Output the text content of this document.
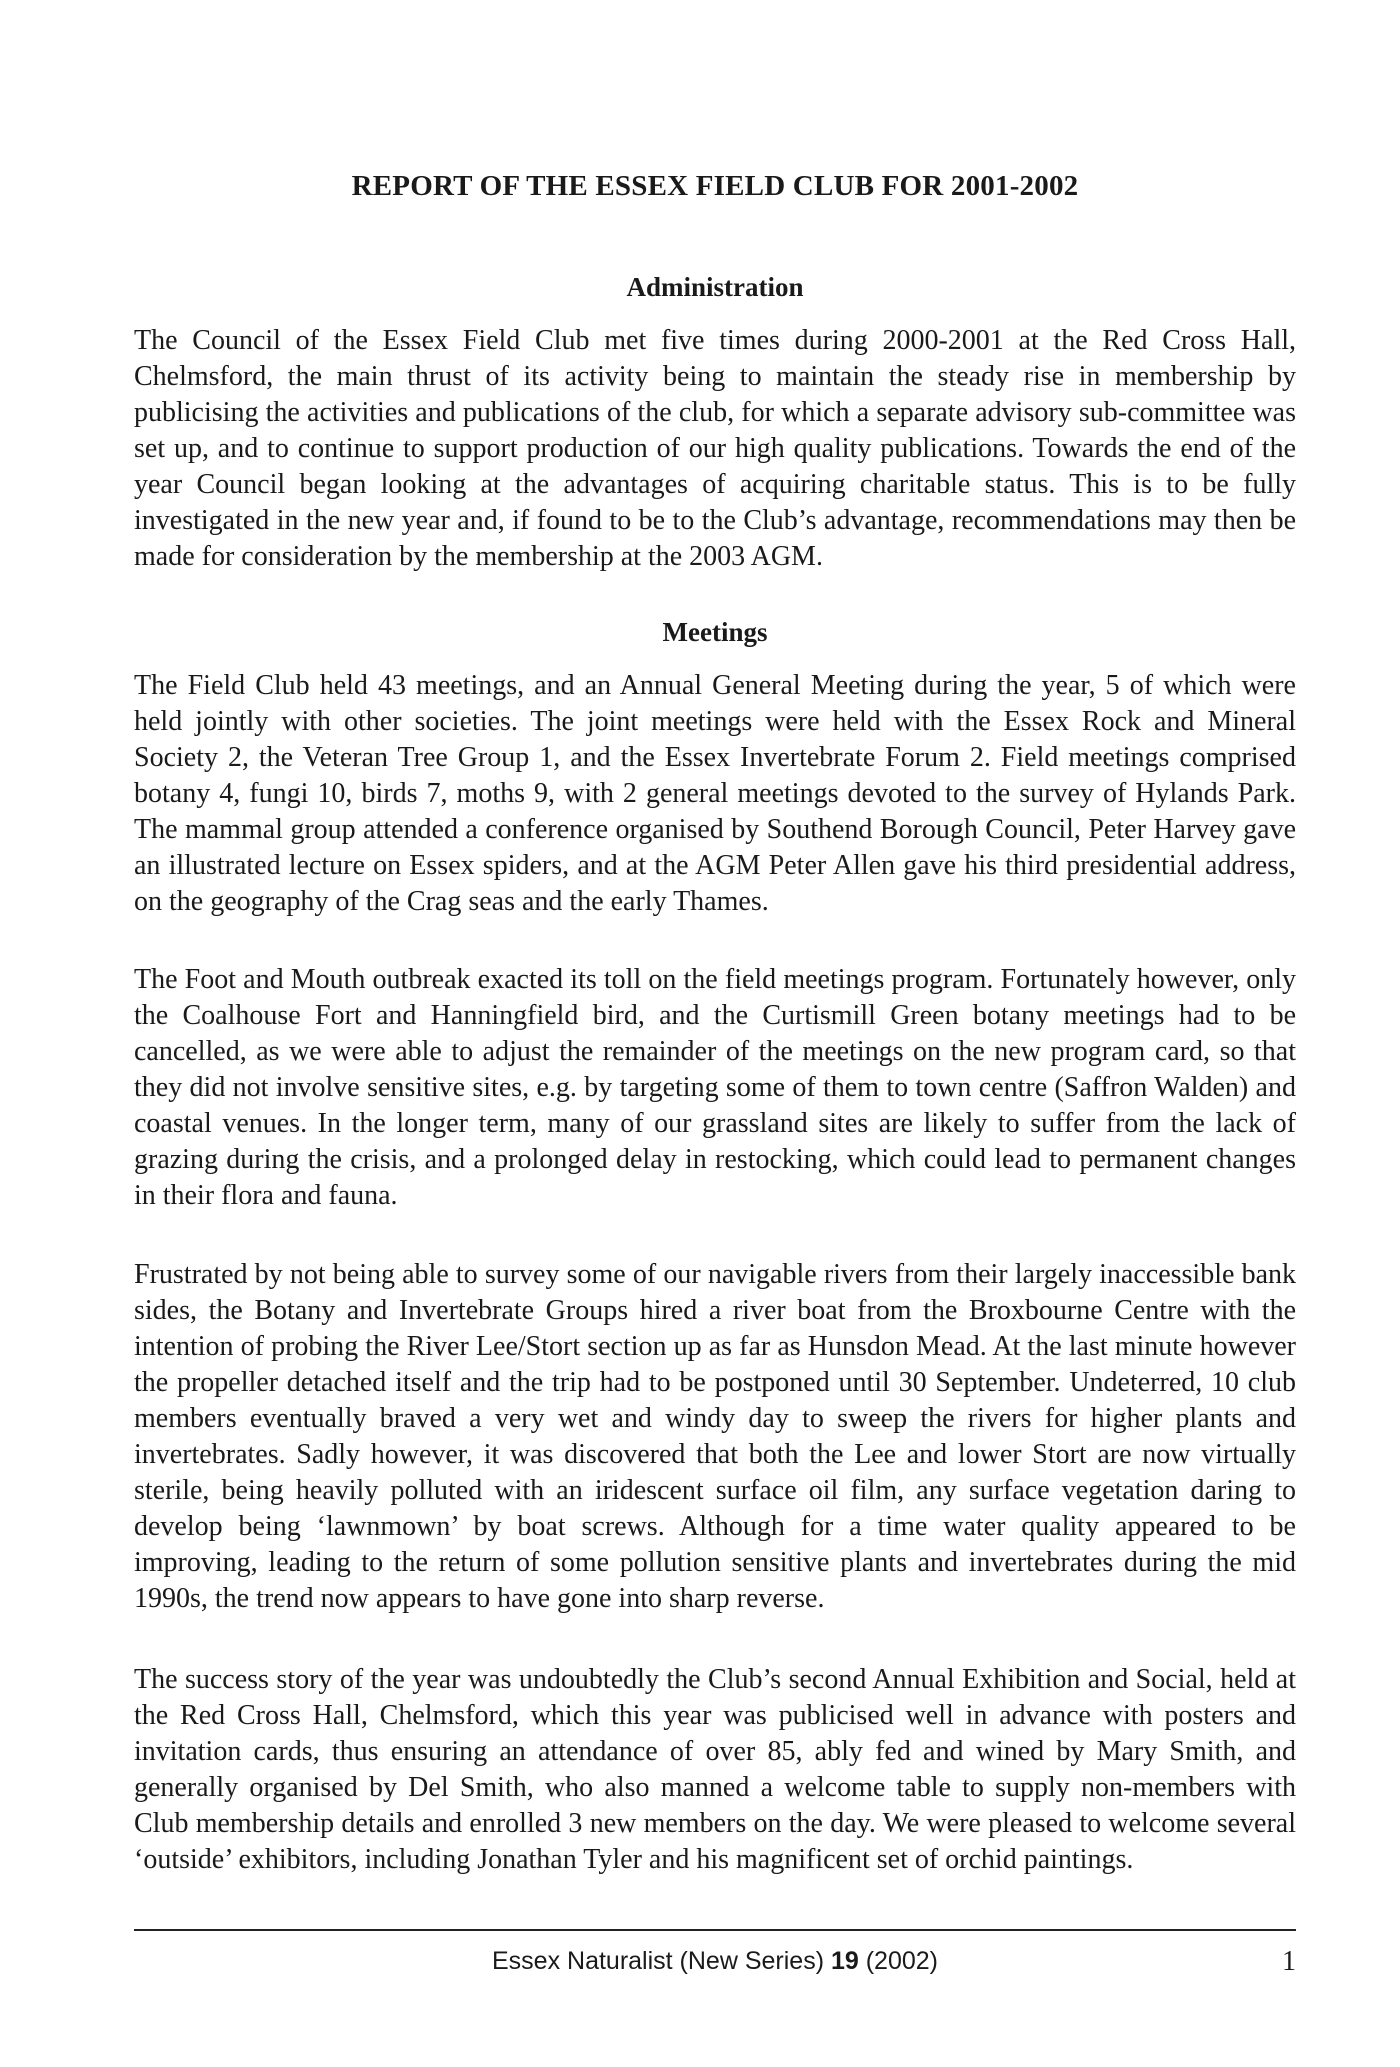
REPORT OF THE ESSEX FIELD CLUB FOR 2001-2002
Administration

The Council of the Essex Field Club met five times during 2000-2001 at the Red Cross Hall, Chelmsford, the main thrust of its activity being to maintain the steady rise in membership by publicising the activities and publications of the club, for which a separate advisory sub-committee was set up, and to continue to support production of our high quality publications. Towards the end of the year Council began looking at the advantages of acquiring charitable status. This is to be fully investigated in the new year and, if found to be to the Club’s advantage, recommendations may then be made for consideration by the membership at the 2003 AGM.

Meetings

The Field Club held 43 meetings, and an Annual General Meeting during the year, 5 of which were held jointly with other societies. The joint meetings were held with the Essex Rock and Mineral Society 2, the Veteran Tree Group 1, and the Essex Invertebrate Forum 2. Field meetings comprised botany 4, fungi 10, birds 7, moths 9, with 2 general meetings devoted to the survey of Hylands Park. The mammal group attended a conference organised by Southend Borough Council, Peter Harvey gave an illustrated lecture on Essex spiders, and at the AGM Peter Allen gave his third presidential address, on the geography of the Crag seas and the early Thames.

The Foot and Mouth outbreak exacted its toll on the field meetings program. Fortunately however, only the Coalhouse Fort and Hanningfield bird, and the Curtismill Green botany meetings had to be cancelled, as we were able to adjust the remainder of the meetings on the new program card, so that they did not involve sensitive sites, e.g. by targeting some of them to town centre (Saffron Walden) and coastal venues. In the longer term, many of our grassland sites are likely to suffer from the lack of grazing during the crisis, and a prolonged delay in restocking, which could lead to permanent changes in their flora and fauna.

Frustrated by not being able to survey some of our navigable rivers from their largely inaccessible bank sides, the Botany and Invertebrate Groups hired a river boat from the Broxbourne Centre with the intention of probing the River Lee/Stort section up as far as Hunsdon Mead. At the last minute however the propeller detached itself and the trip had to be postponed until 30 September. Undeterred, 10 club members eventually braved a very wet and windy day to sweep the rivers for higher plants and invertebrates. Sadly however, it was discovered that both the Lee and lower Stort are now virtually sterile, being heavily polluted with an iridescent surface oil film, any surface vegetation daring to develop being ‘lawnmown’ by boat screws. Although for a time water quality appeared to be improving, leading to the return of some pollution sensitive plants and invertebrates during the mid 1990s, the trend now appears to have gone into sharp reverse.

The success story of the year was undoubtedly the Club’s second Annual Exhibition and Social, held at the Red Cross Hall, Chelmsford, which this year was publicised well in advance with posters and invitation cards, thus ensuring an attendance of over 85, ably fed and wined by Mary Smith, and generally organised by Del Smith, who also manned a welcome table to supply non-members with Club membership details and enrolled 3 new members on the day. We were pleased to welcome several ‘outside’ exhibitors, including Jonathan Tyler and his magnificent set of orchid paintings.

Essex Naturalist (New Series) 19 (2002)	1
